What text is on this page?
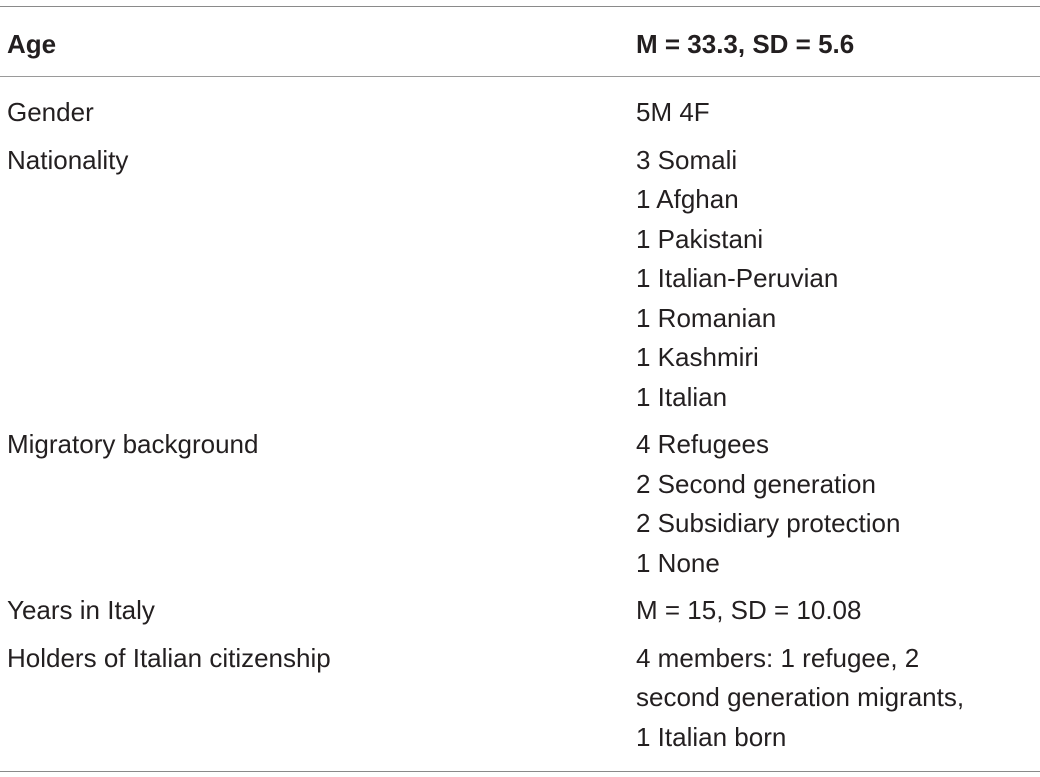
Age	M = 33.3, SD = 5.6
Gender	5M 4F
Nationality	3 Somali
1 Afghan
1 Pakistani
1 Italian-Peruvian
1 Romanian
1 Kashmiri
1 Italian
Migratory background	4 Refugees
2 Second generation
2 Subsidiary protection
1 None
Years in Italy	M = 15, SD = 10.08
Holders of Italian citizenship	4 members: 1 refugee, 2
second generation migrants,
1 Italian born
